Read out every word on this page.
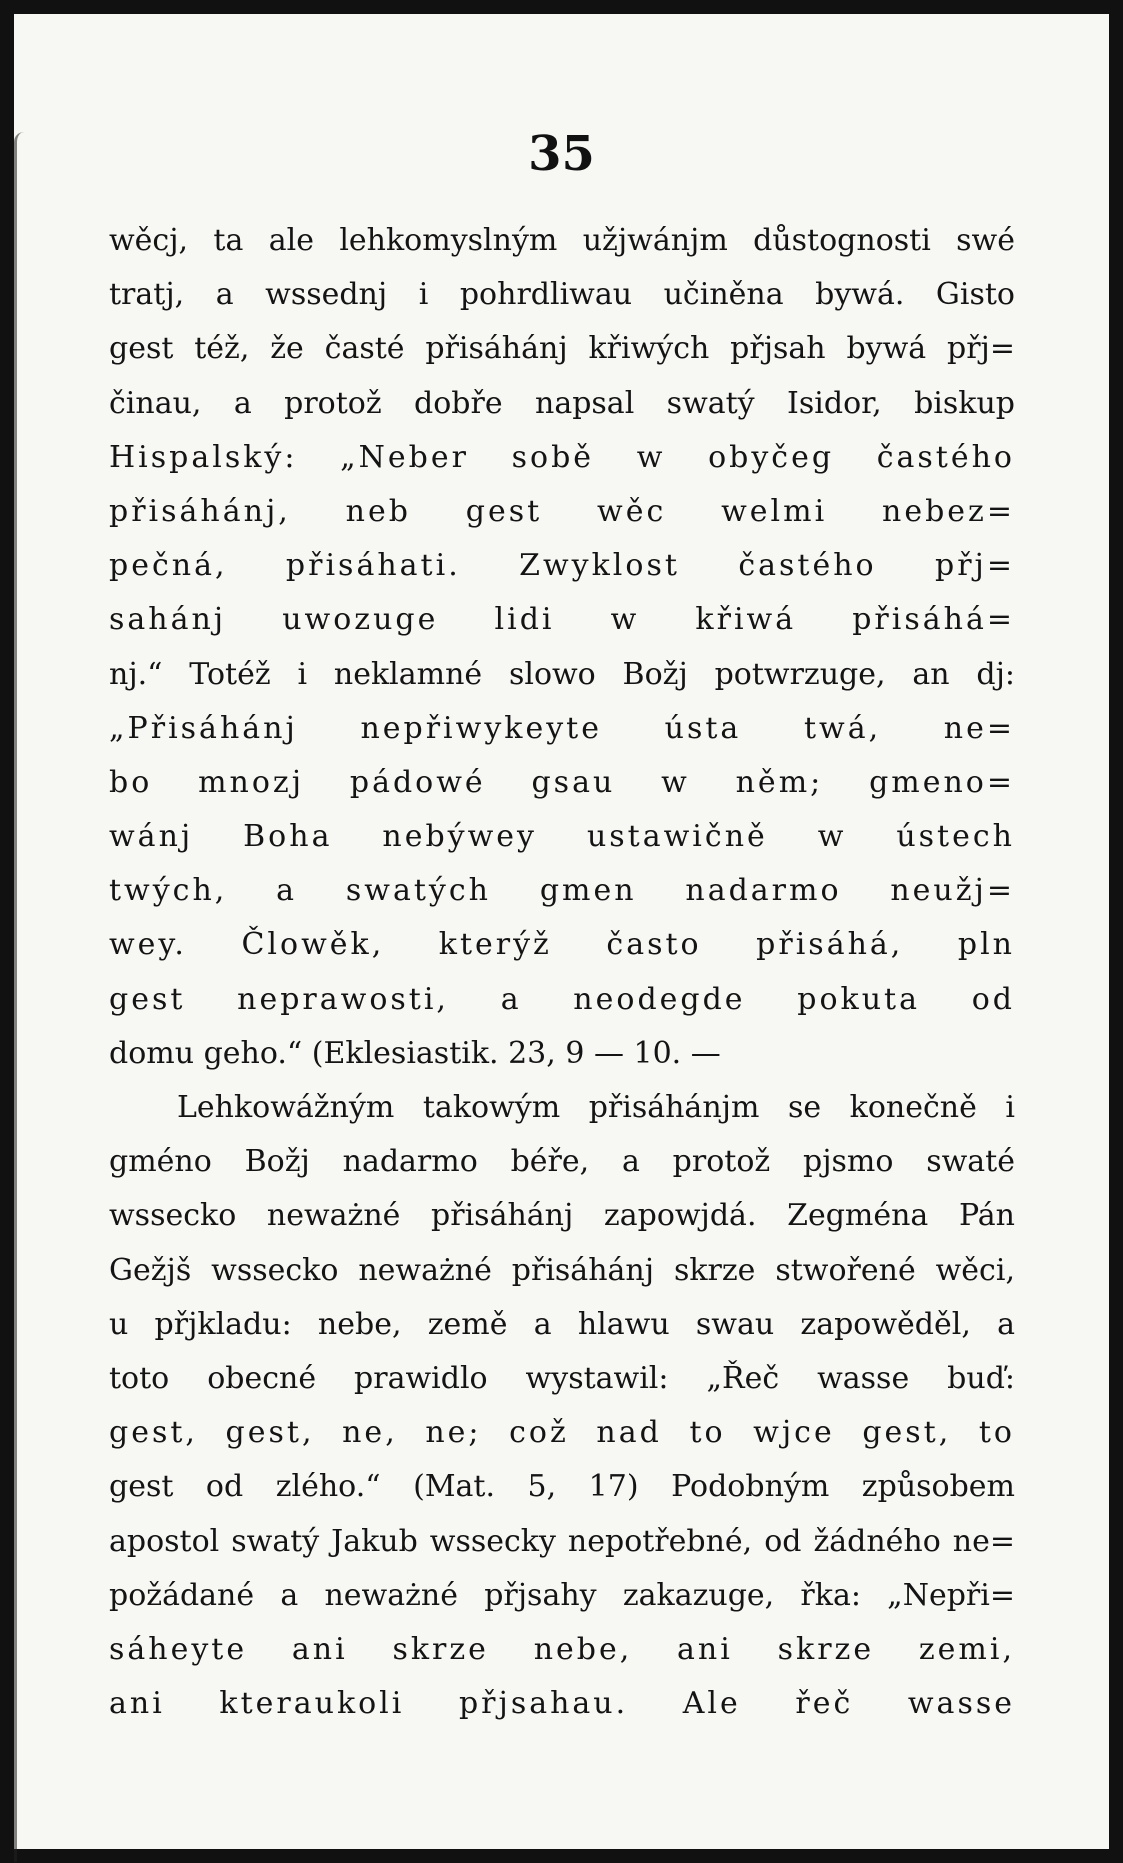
35
wěcj, ta ale lehkomyslným užjwánjm důstognosti swé
tratj, a wssednj i pohrdliwau učiněna bywá. Gisto
gest též, že časté přisáhánj křiwých přjsah bywá přj=
činau, a protož dobře napsal swatý Isidor, biskup
Hispalský: „Neber sobě w obyčeg častého
přisáhánj, neb gest wěc welmi nebez=
pečná, přisáhati. Zwyklost častého přj=
sahánj uwozuge lidi w křiwá přisáhá=
nj.“ Totéž i neklamné slowo Božj potwrzuge, an dj:
„Přisáhánj nepřiwykeyte ústa twá, ne=
bo mnozj pádowé gsau w něm; gmeno=
wánj Boha nebýwey ustawičně w ústech
twých, a swatých gmen nadarmo neužj=
wey. Člowěk, kterýž často přisáhá, pln
gest neprawosti, a neodegde pokuta od
domu geho.“ (Eklesiastik. 23, 9 — 10. —
Lehkowážným takowým přisáhánjm se konečně i
gméno Božj nadarmo béře, a protož pjsmo swaté
wssecko neważné přisáhánj zapowjdá. Zegména Pán
Gežjš wssecko neważné přisáhánj skrze stwořené wěci,
u přjkladu: nebe, země a hlawu swau zapowěděl, a
toto obecné prawidlo wystawil: „Řeč wasse buď:
gest, gest, ne, ne; což nad to wjce gest, to
gest od zlého.“ (Mat. 5, 17) Podobným způsobem
apostol swatý Jakub wssecky nepotřebné, od žádného ne=
požádané a neważné přjsahy zakazuge, řka: „Nepři=
sáheyte ani skrze nebe, ani skrze zemi,
ani kteraukoli přjsahau. Ale řeč wasse
